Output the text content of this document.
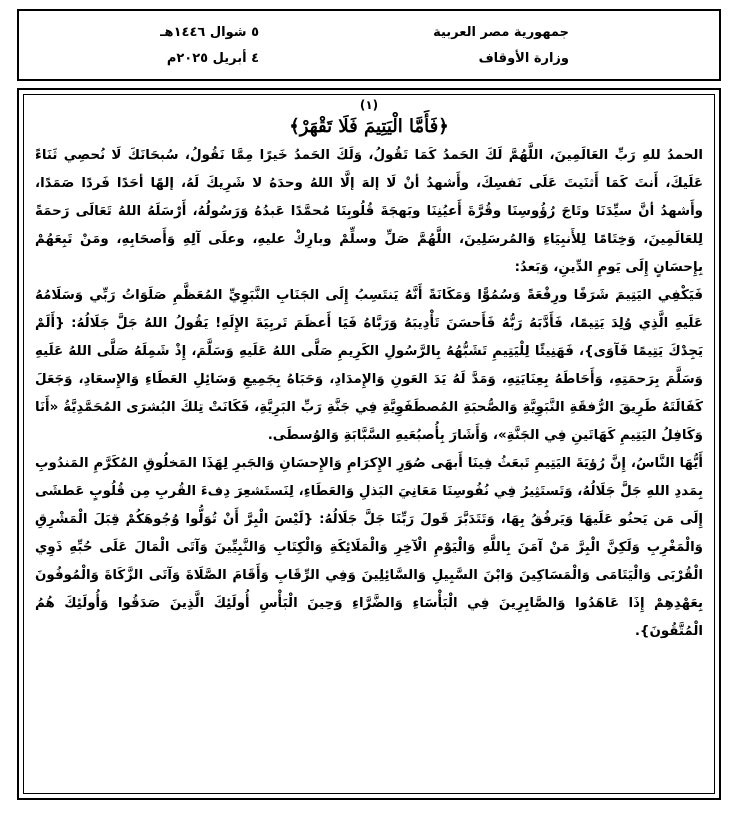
جمهورية مصر العربية
وزارة الأوقاف
٥ شوال ١٤٤٦هـ
٤ أبريل ٢٠٢٥م
(١)
﴿فَأَمَّا الْيَتِيمَ فَلَا تَقْهَرْ﴾

الحمدُ للهِ رَبِّ العَالَمِينَ، اللَّهُمَّ لَكَ الحَمدُ كَمَا تَقُولُ، وَلَكَ الحَمدُ خَيرًا مِمَّا نَقُولُ، سُبحَانَكَ لَا نُحصِي ثَنَاءً عَلَيكَ، أَنتَ كَمَا أَثنَيتَ عَلَى نَفسِكَ، وأَشهدُ أنْ لَا إلهَ إلَّا اللهُ وحدَهُ لا شَرِيكَ لَهُ، إلهًا أحَدًا فَردًا صَمَدًا، وأَشهدُ أنَّ سيِّدَنَا وتَاجَ رُؤُوسِنَا وقُرَّةَ أَعيُنِنَا وبَهجَةَ قُلُوبِنَا مُحمَّدًا عَبدُهُ وَرَسُولُهُ، أَرْسَلَهُ اللهُ تَعَالَى رَحمَةً لِلعَالَمِينَ، وَخِتَامًا لِلأَنبِيَاءِ وَالمُرسَلِينَ، اللَّهُمَّ صَلِّ وسلِّمْ وبارِكْ عليهِ، وعلَى آلِهِ وَأَصحَابِهِ، ومَنْ تَبِعَهُمْ بِإِحسَانٍ إِلَى يَومِ الدِّينِ، وَبَعدُ:

فَيَكْفِي اليَتِيمَ شَرَفًا ورِفْعَةً وَسُمُوًّا وَمَكَانَةً أَنَّهُ يَنتَسِبُ إِلَى الجَنَابِ النَّبَوِيِّ المُعَظَّمِ صَلَوَاتُ رَبِّي وَسَلَامُهُ عَلَيهِ الَّذِي وُلِدَ يَتِيمًا، فَأَدَّبَهُ رَبُّهُ فَأَحسَنَ تَأْدِيبَهُ وَرَبَّاهُ فَيَا أَعظَمَ تَربِيَةَ الإِلَهِ! يَقُولُ اللهُ جَلَّ جَلَالُهُ: {أَلَمْ يَجِدْكَ يَتِيمًا فَآوَى}، فَهَنِيئًا لِلْيَتِيمِ تَشَبُّهُهُ بِالرَّسُولِ الكَرِيمِ صَلَّى اللهُ عَلَيهِ وَسَلَّمَ، إِذْ شَمِلَهُ صَلَّى اللهُ عَلَيهِ وَسَلَّمَ بِرَحمَتِهِ، وَأَحَاطَهُ بِعِنَايَتِهِ، وَمَدَّ لَهُ يَدَ العَونِ وَالإِمدَادِ، وَحَبَاهُ بِجَمِيعِ وَسَائِلِ العَطَاءِ وَالإِسعَادِ، وَجَعَلَ كَفَالَتَهُ طَرِيقَ الرُّفقَةِ النَّبَوِيَّةِ وَالصُّحبَةِ المُصطَفَوِيَّةِ فِي جَنَّةِ رَبِّ البَرِيَّةِ، فَكَانَتْ تِلكَ البُشرَى المُحَمَّدِيَّةُ «أَنَا وَكَافِلُ اليَتِيمِ كَهَاتَينِ فِي الجَنَّةِ»، وَأَشَارَ بِأُصبُعَيهِ السَّبَّابَةِ وَالوُسطَى.

أَيُّهَا النَّاسُ، إِنَّ رُؤيَةَ اليَتِيمِ تَبعَثُ فِينَا أَبهَى صُوَرِ الإِكرَامِ وَالإِحسَانِ وَالجَبرِ لِهَذَا المَخلُوقِ المُكَرَّمِ المَندُوبِ بِمَددِ اللهِ جَلَّ جَلَالُهُ، وَتَستَثِيرُ فِي نُفُوسِنَا مَعَانِيَ البَذلِ وَالعَطَاءِ، لِنَستَشعِرَ دِفءَ القُربِ مِن قُلُوبٍ عَطشَى إِلَى مَن يَحنُو عَلَيهَا وَيَرفُقُ بِهَا، وَتَتَدَبَّرَ قَولَ رَبِّنَا جَلَّ جَلَالُهُ: {لَيْسَ الْبِرَّ أَنْ تُوَلُّوا وُجُوهَكُمْ قِبَلَ الْمَشْرِقِ وَالْمَغْرِبِ وَلَكِنَّ الْبِرَّ مَنْ آمَنَ بِاللَّهِ وَالْيَوْمِ الْآخِرِ وَالْمَلَائِكَةِ وَالْكِتَابِ وَالنَّبِيِّينَ وَآتَى الْمَالَ عَلَى حُبِّهِ ذَوِي الْقُرْبَى وَالْيَتَامَى وَالْمَسَاكِينَ وَابْنَ السَّبِيلِ وَالسَّائِلِينَ وَفِي الرِّقَابِ وَأَقَامَ الصَّلَاةَ وَآتَى الزَّكَاةَ وَالْمُوفُونَ بِعَهْدِهِمْ إِذَا عَاهَدُوا وَالصَّابِرِينَ فِي الْبَأْسَاءِ وَالضَّرَّاءِ وَحِينَ الْبَأْسِ أُولَئِكَ الَّذِينَ صَدَقُوا وَأُولَئِكَ هُمُ الْمُتَّقُونَ}.
